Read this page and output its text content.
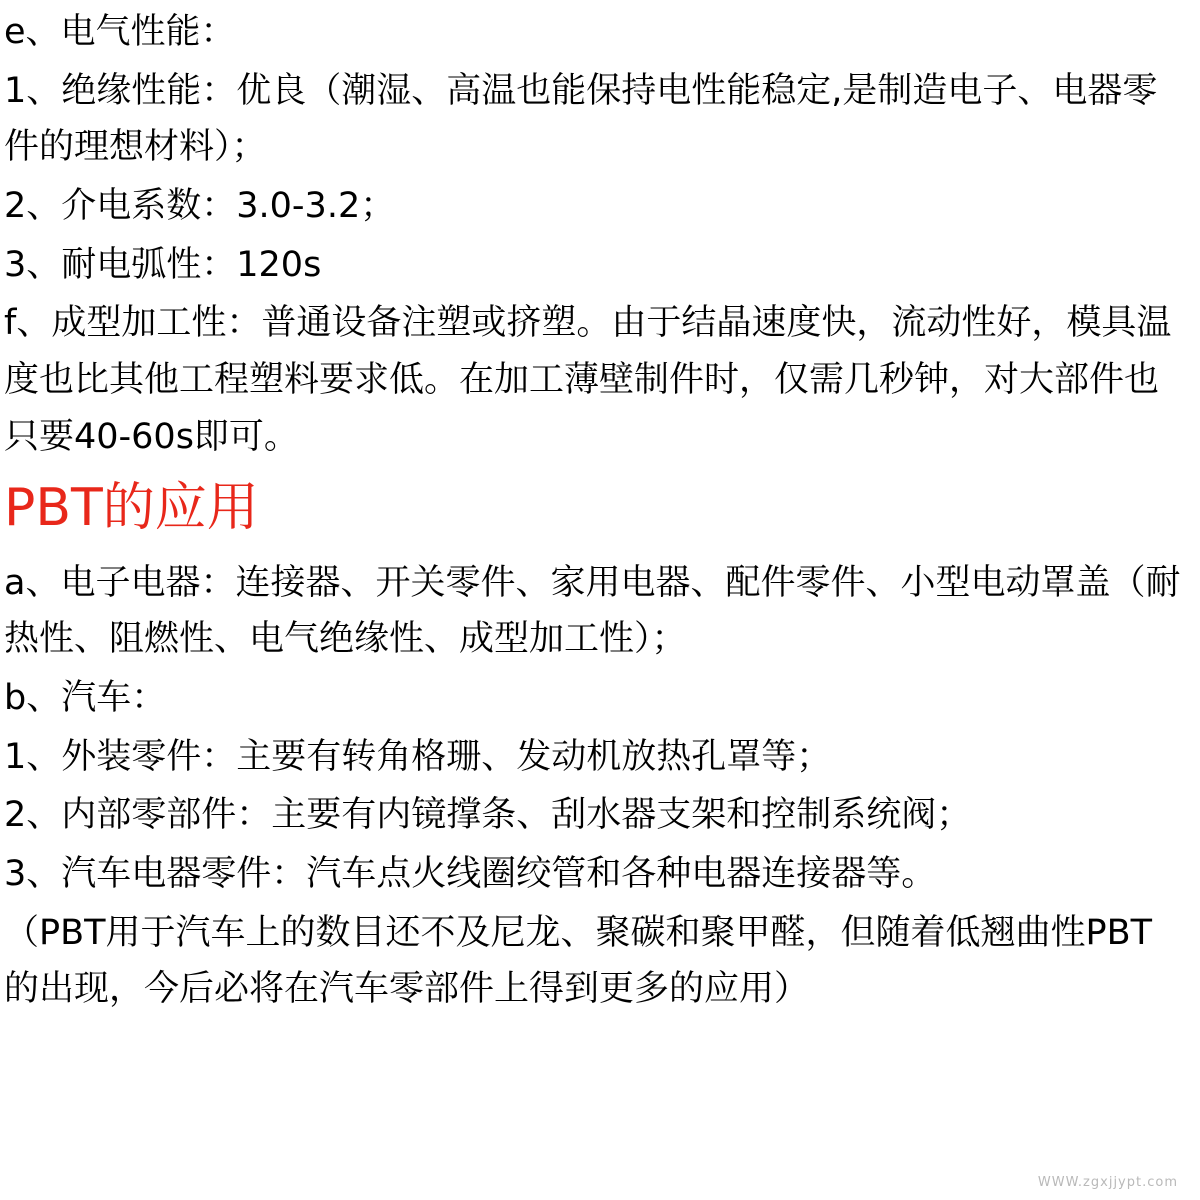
e、电气性能：

1、绝缘性能：优良（潮湿、高温也能保持电性能稳定,是制造电子、电器零件的理想材料）；

2、介电系数：3.0-3.2；

3、耐电弧性：120s

f、成型加工性：普通设备注塑或挤塑。由于结晶速度快，流动性好，模具温度也比其他工程塑料要求低。在加工薄壁制件时，仅需几秒钟，对大部件也只要40-60s即可。

PBT的应用

a、电子电器：连接器、开关零件、家用电器、配件零件、小型电动罩盖（耐热性、阻燃性、电气绝缘性、成型加工性）；

b、汽车：

1、外装零件：主要有转角格珊、发动机放热孔罩等；

2、内部零部件：主要有内镜撑条、刮水器支架和控制系统阀；

3、汽车电器零件：汽车点火线圈绞管和各种电器连接器等。

（PBT用于汽车上的数目还不及尼龙、聚碳和聚甲醛，但随着低翘曲性PBT的出现，今后必将在汽车零部件上得到更多的应用）

WWW.zgxjjypt.com
